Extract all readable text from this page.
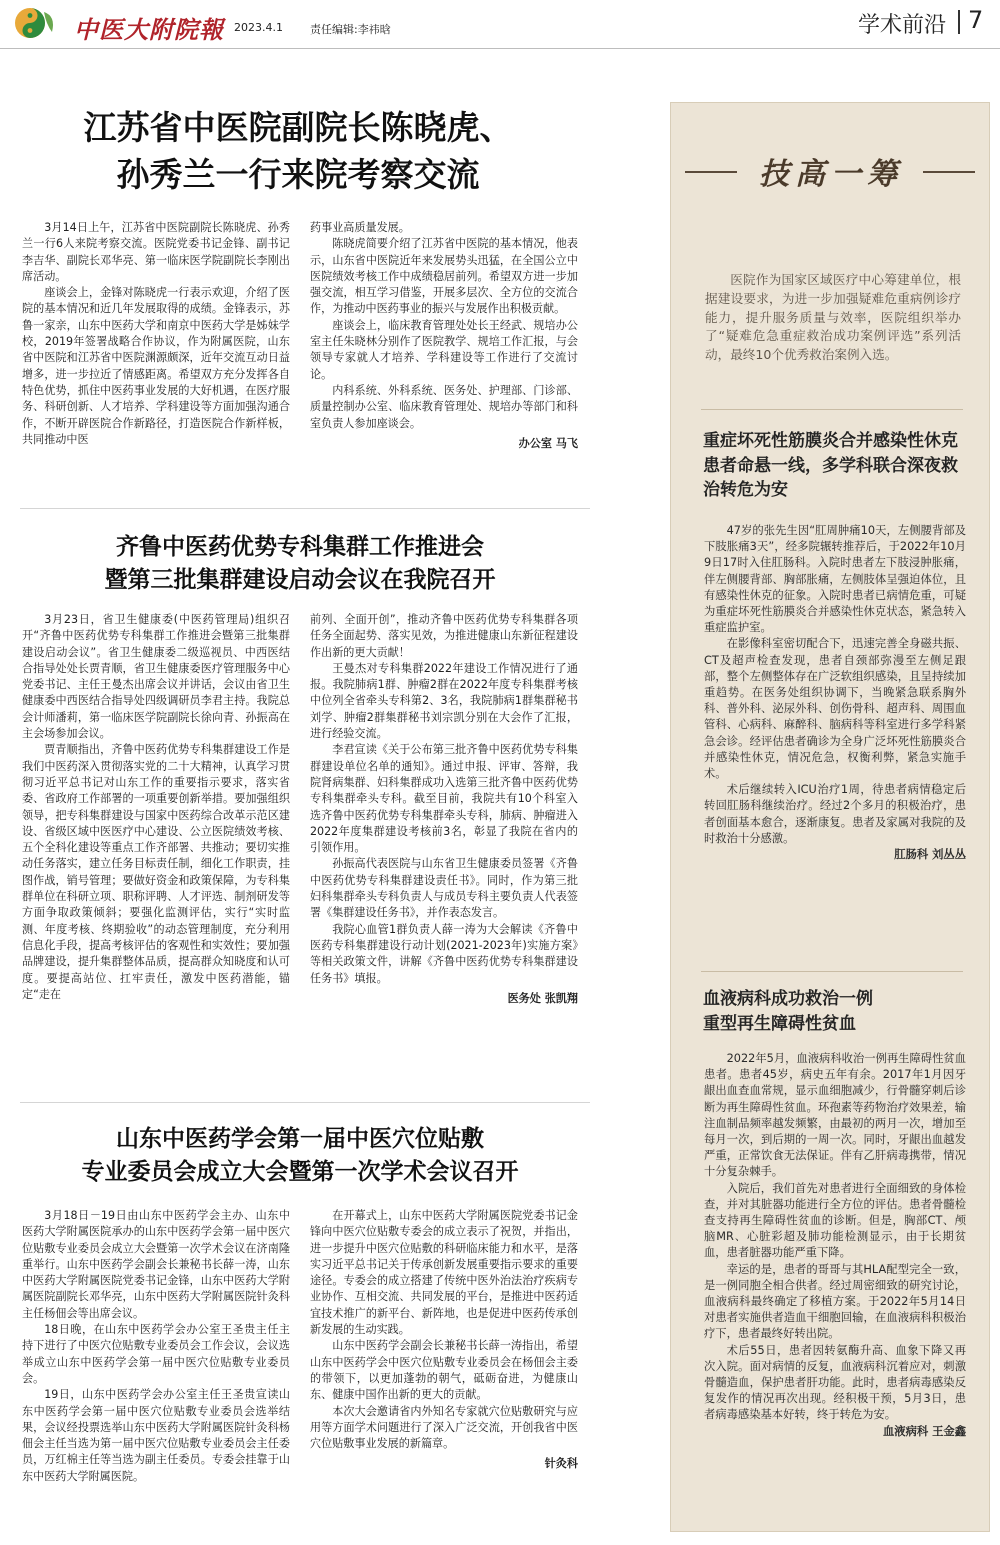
中医大附院報 2023.4.1 责任编辑:李祎晗	学术前沿 7
江苏省中医院副院长陈晓虎、
孙秀兰一行来院考察交流

3月14日上午，江苏省中医院副院长陈晓虎、孙秀兰一行6人来院考察交流。医院党委书记金锋、副书记李吉华、副院长邓华亮、第一临床医学院副院长李刚出席活动。

座谈会上，金锋对陈晓虎一行表示欢迎，介绍了医院的基本情况和近几年发展取得的成绩。金锋表示，苏鲁一家亲，山东中医药大学和南京中医药大学是姊妹学校，2019年签署战略合作协议，作为附属医院，山东省中医院和江苏省中医院渊源颇深，近年交流互动日益增多，进一步拉近了情感距离。希望双方充分发挥各自特色优势，抓住中医药事业发展的大好机遇，在医疗服务、科研创新、人才培养、学科建设等方面加强沟通合作，不断开辟医院合作新路径，打造医院合作新样板，共同推动中医

药事业高质量发展。

陈晓虎简要介绍了江苏省中医院的基本情况，他表示，山东省中医院近年来发展势头迅猛，在全国公立中医院绩效考核工作中成绩稳居前列。希望双方进一步加强交流，相互学习借鉴，开展多层次、全方位的交流合作，为推动中医药事业的振兴与发展作出积极贡献。

座谈会上，临床教育管理处处长王经武、规培办公室主任朱晓林分别作了医院教学、规培工作汇报，与会领导专家就人才培养、学科建设等工作进行了交流讨论。

内科系统、外科系统、医务处、护理部、门诊部、质量控制办公室、临床教育管理处、规培办等部门和科室负责人参加座谈会。

办公室 马飞
齐鲁中医药优势专科集群工作推进会
暨第三批集群建设启动会议在我院召开

3月23日，省卫生健康委(中医药管理局)组织召开“齐鲁中医药优势专科集群工作推进会暨第三批集群建设启动会议”。省卫生健康委二级巡视员、中西医结合指导处处长贾青顺，省卫生健康委医疗管理服务中心党委书记、主任王曼杰出席会议并讲话，会议由省卫生健康委中西医结合指导处四级调研员李君主持。我院总会计师潘莉，第一临床医学院副院长徐向青、孙振高在主会场参加会议。

贾青顺指出，齐鲁中医药优势专科集群建设工作是我们中医药深入贯彻落实党的二十大精神，认真学习贯彻习近平总书记对山东工作的重要指示要求，落实省委、省政府工作部署的一项重要创新举措。要加强组织领导，把专科集群建设与国家中医药综合改革示范区建设、省级区域中医医疗中心建设、公立医院绩效考核、五个全科化建设等重点工作齐部署、共推动；要切实推动任务落实，建立任务目标责任制，细化工作职责，挂图作战，销号管理；要做好资金和政策保障，为专科集群单位在科研立项、职称评聘、人才评选、制剂研发等方面争取政策倾斜；要强化监测评估，实行“实时监测、年度考核、终期验收”的动态管理制度，充分利用信息化手段，提高考核评估的客观性和实效性；要加强品牌建设，提升集群整体品质，提高群众知晓度和认可度。要提高站位、扛牢责任，激发中医药潜能，锚定“走在

前列、全面开创”，推动齐鲁中医药优势专科集群各项任务全面起势、落实见效，为推进健康山东新征程建设作出新的更大贡献！

王曼杰对专科集群2022年建设工作情况进行了通报。我院肺病1群、肿瘤2群在2022年度专科集群考核中位列全省牵头专科第2、3名，我院肺病1群集群秘书刘学、肿瘤2群集群秘书刘宗凯分别在大会作了汇报，进行经验交流。

李君宣读《关于公布第三批齐鲁中医药优势专科集群建设单位名单的通知》。通过申报、评审、答辩，我院肾病集群、妇科集群成功入选第三批齐鲁中医药优势专科集群牵头专科。截至目前，我院共有10个科室入选齐鲁中医药优势专科集群牵头专科，肺病、肿瘤进入2022年度集群建设考核前3名，彰显了我院在省内的引领作用。

孙振高代表医院与山东省卫生健康委员签署《齐鲁中医药优势专科集群建设责任书》。同时，作为第三批妇科集群牵头专科负责人与成员专科主要负责人代表签署《集群建设任务书》，并作表态发言。

我院心血管1群负责人薛一涛为大会解读《齐鲁中医药专科集群建设行动计划(2021-2023年)实施方案》等相关政策文件，讲解《齐鲁中医药优势专科集群建设任务书》填报。

医务处 张凯翔
山东中医药学会第一届中医穴位贴敷
专业委员会成立大会暨第一次学术会议召开

3月18日－19日由山东中医药学会主办、山东中医药大学附属医院承办的山东中医药学会第一届中医穴位贴敷专业委员会成立大会暨第一次学术会议在济南隆重举行。山东中医药学会副会长兼秘书长薛一涛，山东中医药大学附属医院党委书记金锋，山东中医药大学附属医院副院长邓华亮，山东中医药大学附属医院针灸科主任杨佃会等出席会议。

18日晚，在山东中医药学会办公室王圣贵主任主持下进行了中医穴位贴敷专业委员会工作会议，会议选举成立山东中医药学会第一届中医穴位贴敷专业委员会。

19日，山东中医药学会办公室主任王圣贵宣读山东中医药学会第一届中医穴位贴敷专业委员会选举结果，会议经投票选举山东中医药大学附属医院针灸科杨佃会主任当选为第一届中医穴位贴敷专业委员会主任委员，万红棉主任等当选为副主任委员。专委会挂靠于山东中医药大学附属医院。

在开幕式上，山东中医药大学附属医院党委书记金锋向中医穴位贴敷专委会的成立表示了祝贺，并指出，进一步提升中医穴位贴敷的科研临床能力和水平，是落实习近平总书记关于传承创新发展重要指示要求的重要途径。专委会的成立搭建了传统中医外治法治疗疾病专业协作、互相交流、共同发展的平台，是推进中医药适宜技术推广的新平台、新阵地，也是促进中医药传承创新发展的生动实践。

山东中医药学会副会长兼秘书长薛一涛指出，希望山东中医药学会中医穴位贴敷专业委员会在杨佃会主委的带领下，以更加蓬勃的朝气，砥砺奋进，为健康山东、健康中国作出新的更大的贡献。

本次大会邀请省内外知名专家就穴位贴敷研究与应用等方面学术问题进行了深入广泛交流，开创我省中医穴位贴敷事业发展的新篇章。

针灸科
技高一筹
医院作为国家区域医疗中心筹建单位，根据建设要求，为进一步加强疑难危重病例诊疗能力，提升服务质量与效率，医院组织举办了“疑难危急重症救治成功案例评选”系列活动，最终10个优秀救治案例入选。
重症坏死性筋膜炎合并感染性休克患者命悬一线，多学科联合深夜救治转危为安

47岁的张先生因“肛周肿痛10天，左侧腰背部及下肢胀痛3天”，经多院辗转推荐后，于2022年10月9日17时入住肛肠科。入院时患者左下肢浸肿胀痛，伴左侧腰背部、胸部胀痛，左侧肢体呈强迫体位，且有感染性休克的征象。入院时患者已病情危重，可疑为重症坏死性筋膜炎合并感染性休克状态，紧急转入重症监护室。

在影像科室密切配合下，迅速完善全身磁共振、CT及超声检查发现，患者自颈部弥漫至左侧足跟部，整个左侧整体存在广泛软组织感染，且呈持续加重趋势。在医务处组织协调下，当晚紧急联系胸外科、普外科、泌尿外科、创伤骨科、超声科、周围血管科、心病科、麻醉科、脑病科等科室进行多学科紧急会诊。经评估患者确诊为全身广泛坏死性筋膜炎合并感染性休克，情况危急，权衡利弊，紧急实施手术。

术后继续转入ICU治疗1周，待患者病情稳定后转回肛肠科继续治疗。经过2个多月的积极治疗，患者创面基本愈合，逐渐康复。患者及家属对我院的及时救治十分感激。

肛肠科 刘丛丛
血液病科成功救治一例
重型再生障碍性贫血

2022年5月，血液病科收治一例再生障碍性贫血患者。患者45岁，病史五年有余。2017年1月因牙龈出血查血常规，显示血细胞减少，行骨髓穿刺后诊断为再生障碍性贫血。环孢素等药物治疗效果差，输注血制品频率越发频繁，由最初的两月一次，增加至每月一次，到后期的一周一次。同时，牙龈出血越发严重，正常饮食无法保证。伴有乙肝病毒携带，情况十分复杂棘手。

入院后，我们首先对患者进行全面细致的身体检查，并对其脏器功能进行全方位的评估。患者骨髓检查支持再生障碍性贫血的诊断。但是，胸部CT、颅脑MR、心脏彩超及肺功能检测显示，由于长期贫血，患者脏器功能严重下降。

幸运的是，患者的哥哥与其HLA配型完全一致，是一例同胞全相合供者。经过周密细致的研究讨论，血液病科最终确定了移植方案。于2022年5月14日对患者实施供者造血干细胞回输，在血液病科积极治疗下，患者最终好转出院。

术后55日，患者因转氨酶升高、血象下降又再次入院。面对病情的反复，血液病科沉着应对，刺激骨髓造血，保护患者肝功能。此时，患者病毒感染反复发作的情况再次出现。经积极干预，5月3日，患者病毒感染基本好转，终于转危为安。

血液病科 王金鑫
